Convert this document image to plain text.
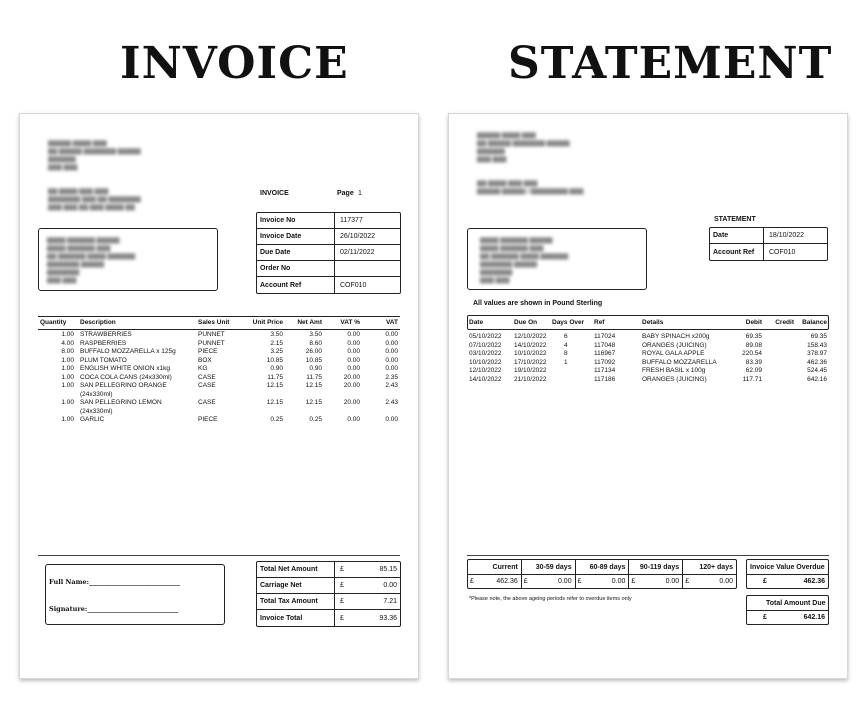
INVOICE	STATEMENT
▇▇▇▇▇ ▇▇▇▇ ▇▇▇
▇▇ ▇▇▇▇▇ ▇▇▇▇▇▇▇ ▇▇▇▇▇
▇▇▇▇▇▇
▇▇▇ ▇▇▇

▇▇ ▇▇▇▇ ▇▇▇ ▇▇▇
▇▇▇▇▇▇▇ ▇▇▇ ▇▇ ▇▇▇▇▇▇▇
▇▇▇ ▇▇▇ ▇▇ ▇▇▇ ▇▇▇▇ ▇▇
▇▇▇▇ ▇▇▇▇▇▇ ▇▇▇▇▇
▇▇▇▇ ▇▇▇▇▇▇ ▇▇▇
▇▇ ▇▇▇▇▇▇ ▇▇▇▇ ▇▇▇▇▇▇
▇▇▇▇▇▇▇ ▇▇▇▇▇
▇▇▇▇▇▇▇
▇▇▇ ▇▇▇
INVOICE	Page 1
Invoice No	117377
Invoice Date	26/10/2022
Due Date	02/11/2022
Order No
Account Ref	COF010
Quantity	Description	Sales Unit	Unit Price	Net Amt	VAT %	VAT

1.00	STRAWBERRIES	PUNNET	3.50	3.50	0.00	0.00
4.00	RASPBERRIES	PUNNET	2.15	8.60	0.00	0.00
8.00	BUFFALO MOZZARELLA x 125g	PIECE	3.25	26.00	0.00	0.00
1.00	PLUM TOMATO	BOX	10.85	10.85	0.00	0.00
1.00	ENGLISH WHITE ONION x1kg	KG	0.90	0.90	0.00	0.00
1.00	COCA COLA CANS (24x330ml)	CASE	11.75	11.75	20.00	2.35
1.00	SAN PELLEGRINO ORANGE
(24x330ml)	CASE	12.15	12.15	20.00	2.43
1.00	SAN PELLEGRINO LEMON
(24x330ml)	CASE	12.15	12.15	20.00	2.43
1.00	GARLIC	PIECE	0.25	0.25	0.00	0.00
Full Name:____________________________
Signature:____________________________
Total Net Amount	£	85.15
Carriage Net	£	0.00
Total Tax Amount	£	7.21
Invoice Total	£	93.36
▇▇▇▇▇ ▇▇▇▇ ▇▇▇
▇▇ ▇▇▇▇▇ ▇▇▇▇▇▇▇ ▇▇▇▇▇
▇▇▇▇▇▇
▇▇▇ ▇▇▇

▇▇ ▇▇▇▇ ▇▇▇ ▇▇▇
▇▇▇▇▇ ▇▇▇▇▇@▇▇▇▇▇▇▇▇.▇▇▇
▇▇▇▇ ▇▇▇▇▇▇ ▇▇▇▇▇
▇▇▇▇ ▇▇▇▇▇▇ ▇▇▇
▇▇ ▇▇▇▇▇▇ ▇▇▇▇ ▇▇▇▇▇▇
▇▇▇▇▇▇▇ ▇▇▇▇▇
▇▇▇▇▇▇▇
▇▇▇ ▇▇▇
STATEMENT
Date	18/10/2022
Account Ref	COF010
All values are shown in Pound Sterling
Date	Due On	Days Over	Ref	Details	Debit	Credit	Balance

05/10/2022	12/10/2022	6	117024	BABY SPINACH x200g	69.35		69.35
07/10/2022	14/10/2022	4	117048	ORANGES (JUICING)	89.08		158.43
03/10/2022	10/10/2022	8	116967	ROYAL GALA APPLE	220.54		378.97
10/10/2022	17/10/2022	1	117092	BUFFALO MOZZARELLA	83.39		462.36
12/10/2022	19/10/2022		117134	FRESH BASIL x 100g	62.09		524.45
14/10/2022	21/10/2022		117186	ORANGES (JUICING)	117.71		642.16
Current
£	462.36
30-59 days
£	0.00
60-89 days
£	0.00
90-119 days
£	0.00
120+ days
£	0.00
Invoice Value Overdue
£	462.36
*Please note, the above ageing periods refer to overdue items only
Total Amount Due
£	642.16
